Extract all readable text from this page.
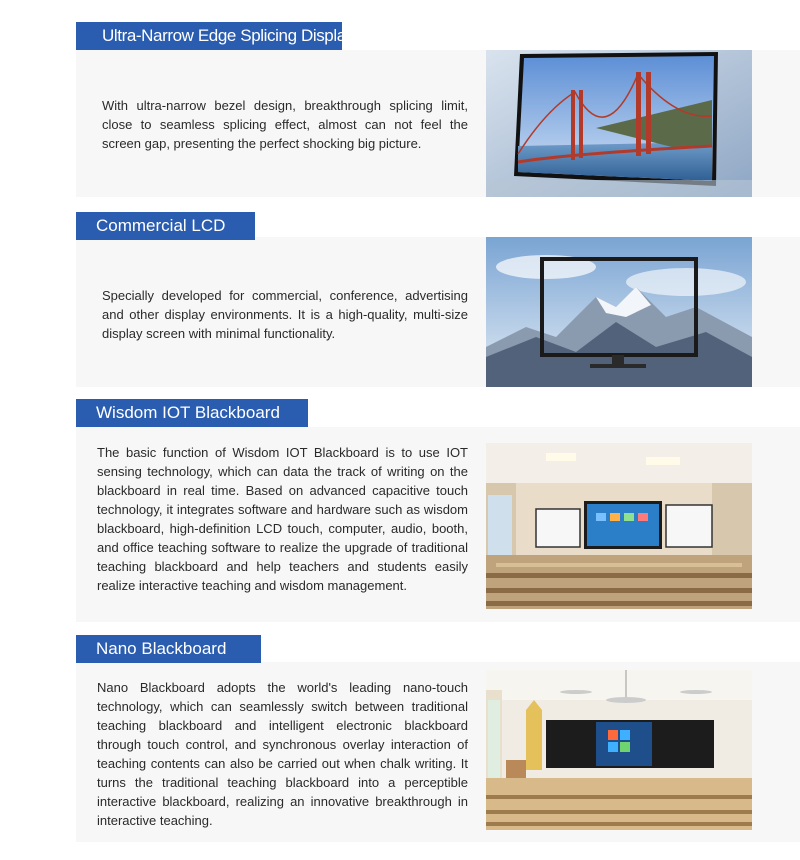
With ultra-narrow bezel design, breakthrough splicing limit, close to seamless splicing effect, almost can not feel the screen gap, presenting the perfect shocking big picture.
Ultra-Narrow Edge Splicing Display
Specially developed for commercial, conference, advertising and other display environments. It is a high-quality, multi-size display screen with minimal functionality.
Commercial LCD
The basic function of Wisdom IOT Blackboard is to use IOT sensing technology, which can data the track of writing on the blackboard in real time. Based on advanced capacitive touch technology, it integrates software and hardware such as wisdom blackboard, high-definition LCD touch, computer, audio, booth, and office teaching software to realize the upgrade of traditional teaching blackboard and help teachers and students easily realize interactive teaching and wisdom management.
Wisdom IOT Blackboard
Nano Blackboard adopts the world's leading nano-touch technology, which can seamlessly switch between traditional teaching blackboard and intelligent electronic blackboard through touch control, and synchronous overlay interaction of teaching contents can also be carried out when chalk writing. It turns the traditional teaching blackboard into a perceptible interactive blackboard, realizing an innovative breakthrough in interactive teaching.
Nano Blackboard
